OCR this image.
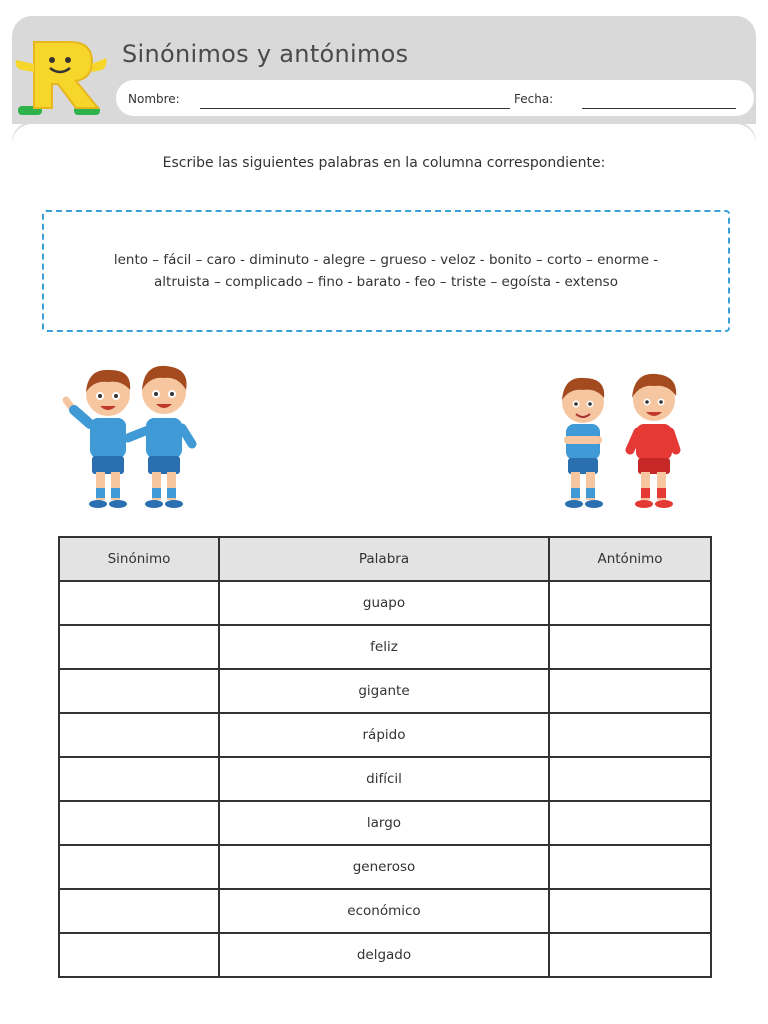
R
Sinónimos y antónimos
Nombre:	Fecha:
Escribe las siguientes palabras en la columna correspondiente:
lento – fácil – caro - diminuto - alegre – grueso - veloz - bonito – corto – enorme -
altruista – complicado – fino - barato - feo – triste – egoísta - extenso
Sinónimo	Palabra	Antónimo
	guapo	
	feliz	
	gigante	
	rápido	
	difícil	
	largo	
	generoso	
	económico	
	delgado	
